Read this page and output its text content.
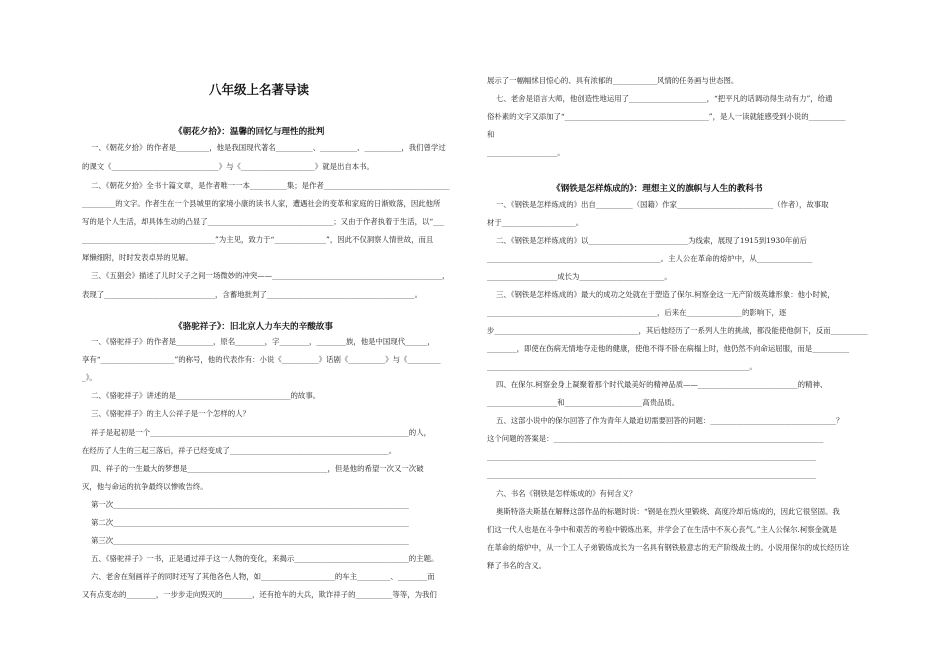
八年级上名著导读
《朝花夕拾》：温馨的回忆与理性的批判
一、《朝花夕拾》的作者是_________，他是我国现代著名__________、__________、__________，我们曾学过
的课文《_____________________________》与《____________________》就是出自本书。
二、《朝花夕拾》全书十篇文章，是作者唯一一本__________集；是作者__________________________________
_________的文字。作者生在一个县城里的家境小康的读书人家，遭遇社会的变革和家庭的日渐败落，因此他所
写的是个人生活，却具体生动的凸显了__________________________________；又由于作者执着于生活，以“___
____________________________________”为主见，致力于“______________”，因此不仅洞察人情世故，而且
犀懒细附，时时发表卓异的见解。
三、《五猖会》描述了儿时父子之间一场微妙的冲突——______________________________________________，
表现了______________________________，含蓄地批判了________________________________________。
《骆驼祥子》：旧北京人力车夫的辛酸故事
一、《骆驼祥子》的作者是__________，原名________，字________，________族，他是中国现代______，
享有“____________________”的称号，他的代表作有：小说《__________》话剧《__________》与《_________
_》。
二、《骆驼祥子》讲述的是_______________________________的故事。
三、《骆驼祥子》的主人公祥子是一个怎样的人？
祥子是起初是一个______________________________________________________________________的人，
在经历了人生的三起三落后，祥子已经变成了___________________________________________。
四、祥子的一生最大的梦想是______________________________________，但是他的希望一次又一次破
灭，他与命运的抗争最终以惨败告终。
第一次________________________________________________________________________________
第二次________________________________________________________________________________
第三次________________________________________________________________________________
五、《骆驼祥子》一书，正是通过祥子这一人物的变化，来揭示_______________________________的主题。
六、老舍在刻画祥子的同时还写了其他各色人物，如____________________的车主_________、________而
又有点变态的________，一步步走向毁灭的________，还有抢车的大兵，欺诈祥子的__________等等，为我们
展示了一幅幅怵目惊心的、具有浓郁的____________风情的任务画与世态图。
七、老舍是语言大师，他创造性地运用了_____________________，“把平凡的话调动得生动有力”，给通
俗朴素的文字又添加了“_______________________________________”，是人一读就能感受到小说的__________
和
___________________。
《钢铁是怎样炼成的》：理想主义的旗帜与人生的教科书
一、《钢铁是怎样炼成的》出自__________（国籍）作家__________________________（作者），故事取
材于____________________。
二、《钢铁是怎样炼成的》以___________________________为线索，展现了1915到1930年前后
_______________________________________________。主人公在革命的熔炉中，从_______________
___________________成长为_______________________。
三、《钢铁是怎样炼成的》最大的成功之处就在于塑造了保尔.柯察金这一无产阶级英雄形象：他小时候，
______________________________________________，后来在_______________的影响下，逐
步_______________________________________，其后他经历了一系列人生的挑战，都没能使他倒下，反而__________
________，即使在伤病无情地夺走他的健康，使他不得不卧在病榻上时，他仍然不向命运屈服，而是__________
_______________________________________________________________________。
四、在保尔.柯察金身上凝聚着那个时代最美好的精神品质——___________________________的精神、
___________________和_____________________高贵品质。
五、这部小说中的保尔回答了作为青年人最迫切需要回答的问题：__________________________________？
这个问题的答案是：_________________________________________________________________________
_________________________________________________________________________________________
_________________________________________________________________________________________
六、书名《钢铁是怎样炼成的》有何含义？
奥斯特洛夫斯基在解释这部作品的标题时说：“钢是在烈火里锻烧、高度冷却后炼成的，因此它很坚固。我
们这一代人也是在斗争中和艰苦的考验中锻炼出来，并学会了在生活中不灰心丧气。”主人公保尔.柯察金就是
在革命的熔炉中，从一个工人子弟锻炼成长为一名具有钢铁般意志的无产阶级战士的。小说用保尔的成长经历诠
释了书名的含义。
